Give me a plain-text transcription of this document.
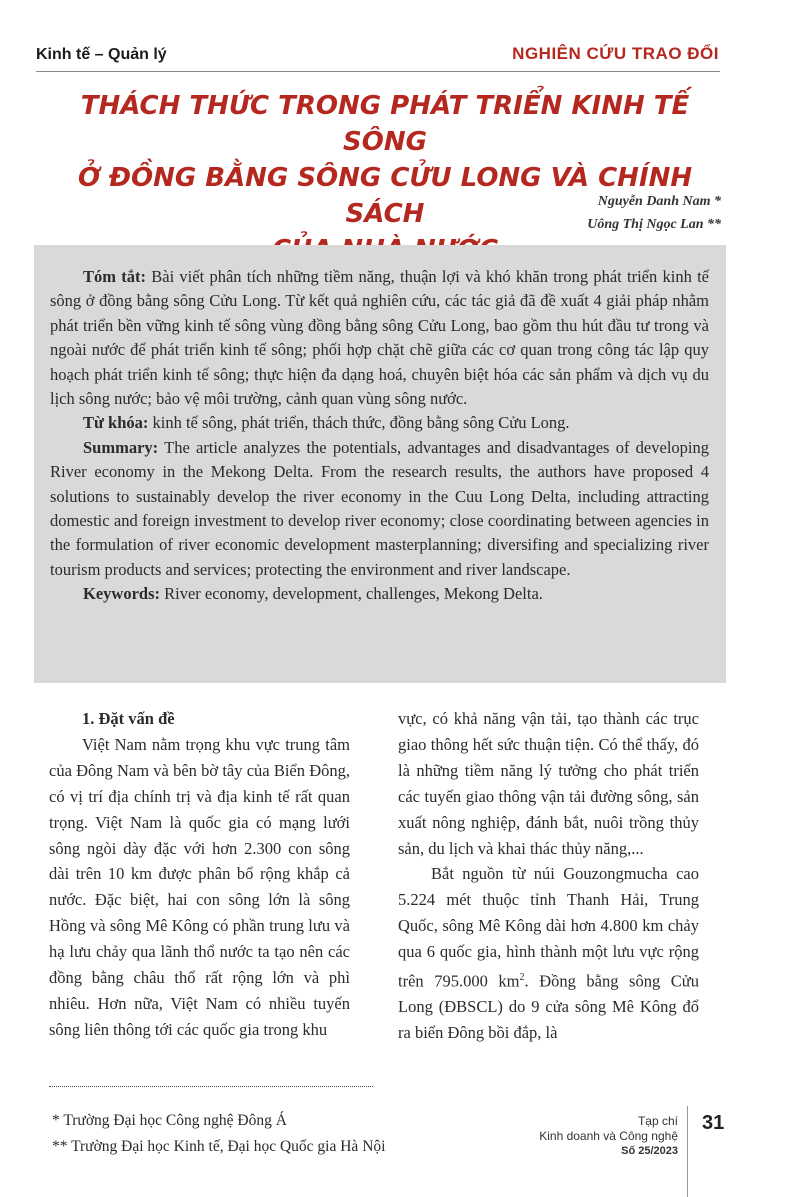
Kinh tế – Quản lý	NGHIÊN CỨU TRAO ĐỔI
THÁCH THỨC TRONG PHÁT TRIỂN KINH TẾ SÔNG
Ở ĐỒNG BẰNG SÔNG CỬU LONG VÀ CHÍNH SÁCH	Nguyễn Danh Nam *
Uông Thị Ngọc Lan **

Tóm tắt: Bài viết phân tích những tiềm năng, thuận lợi và khó khăn trong phát triển kinh tế sông ở đồng bằng sông Cửu Long. Từ kết quả nghiên cứu, các tác giả đã đề xuất 4 giải pháp nhằm phát triển bền vững kinh tế sông vùng đồng bằng sông Cửu Long, bao gồm thu hút đầu tư trong và ngoài nước để phát triển kinh tế sông; phối hợp chặt chẽ giữa các cơ quan trong công tác lập quy hoạch phát triển kinh tế sông; thực hiện đa dạng hoá, chuyên biệt hóa các sản phẩm và dịch vụ du lịch sông nước; bảo vệ môi trường, cảnh quan vùng sông nước.

Từ khóa: kinh tế sông, phát triển, thách thức, đồng bằng sông Cửu Long.

Summary: The article analyzes the potentials, advantages and disadvantages of developing River economy in the Mekong Delta. From the research results, the authors have proposed 4 solutions to sustainably develop the river economy in the Cuu Long Delta, including attracting domestic and foreign investment to develop river economy; close coordinating between agencies in the formulation of river economic development masterplanning; diversifing and specializing river tourism products and services; protecting the environment and river landscape.

Keywords: River economy, development, challenges, Mekong Delta.

1. Đặt vấn đề

Việt Nam nằm trọng khu vực trung tâm của Đông Nam và bên bờ tây của Biển Đông, có vị trí địa chính trị và địa kinh tế rất quan trọng. Việt Nam là quốc gia có mạng lưới sông ngòi dày đặc với hơn 2.300 con sông dài trên 10 km được phân bổ rộng khắp cả nước. Đặc biệt, hai con sông lớn là sông Hồng và sông Mê Kông có phần trung lưu và hạ lưu chảy qua lãnh thổ nước ta tạo nên các đồng bằng châu thổ rất rộng lớn và phì nhiêu. Hơn nữa, Việt Nam có nhiều tuyến sông liên thông tới các quốc gia trong khu

vực, có khả năng vận tải, tạo thành các trục giao thông hết sức thuận tiện. Có thể thấy, đó là những tiềm năng lý tưởng cho phát triển các tuyến giao thông vận tải đường sông, sản xuất nông nghiệp, đánh bắt, nuôi trồng thủy sản, du lịch và khai thác thủy năng,...

Bắt nguồn từ núi Gouzongmucha cao 5.224 mét thuộc tỉnh Thanh Hải, Trung Quốc, sông Mê Kông dài hơn 4.800 km chảy qua 6 quốc gia, hình thành một lưu vực rộng trên 795.000 $km^2$. Đồng bằng sông Cửu Long (ĐBSCL) do 9 cửa sông Mê Kông đổ ra biển Đông bồi đắp, là

* Trường Đại học Công nghệ Đông Á
** Trường Đại học Kinh tế, Đại học Quốc gia Hà Nội
Tạp chí
Kinh doanh và Công nghệ
Số 25/2023
31
